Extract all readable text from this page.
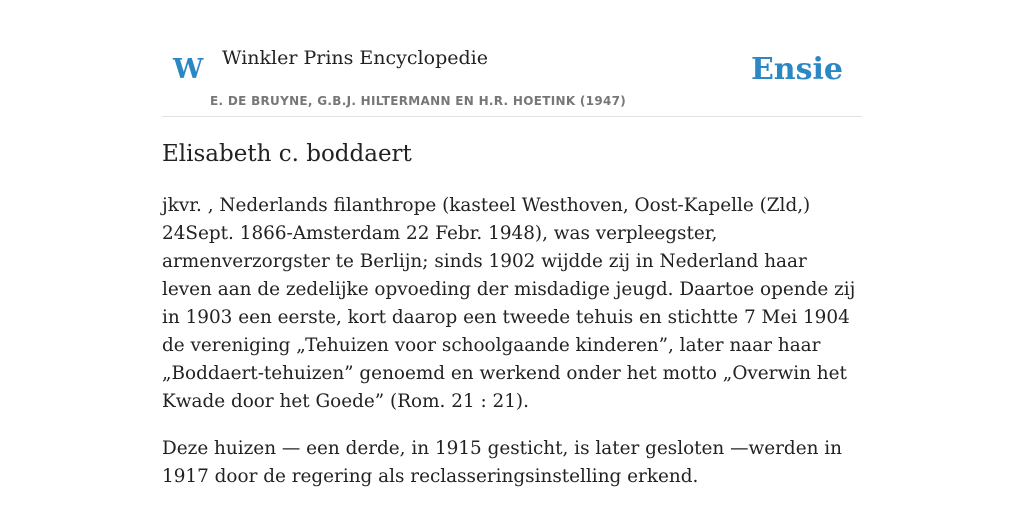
W Winkler Prins Encyclopedie
E. DE BRUYNE, G.B.J. HILTERMANN EN H.R. HOETINK (1947)
Ensie
Elisabeth c. boddaert

jkvr. , Nederlands filanthrope (kasteel Westhoven, Oost-Kapelle (Zld,) 24Sept. 1866-Amsterdam 22 Febr. 1948), was verpleegster, armenverzorgster te Berlijn; sinds 1902 wijdde zij in Nederland haar leven aan de zedelijke opvoeding der misdadige jeugd. Daartoe opende zij in 1903 een eerste, kort daarop een tweede tehuis en stichtte 7 Mei 1904 de vereniging „Tehuizen voor schoolgaande kinderen”, later naar haar „Boddaert-tehuizen” genoemd en werkend onder het motto „Overwin het Kwade door het Goede” (Rom. 21 : 21).

Deze huizen — een derde, in 1915 gesticht, is later gesloten —werden in 1917 door de regering als reclasseringsinstelling erkend.
